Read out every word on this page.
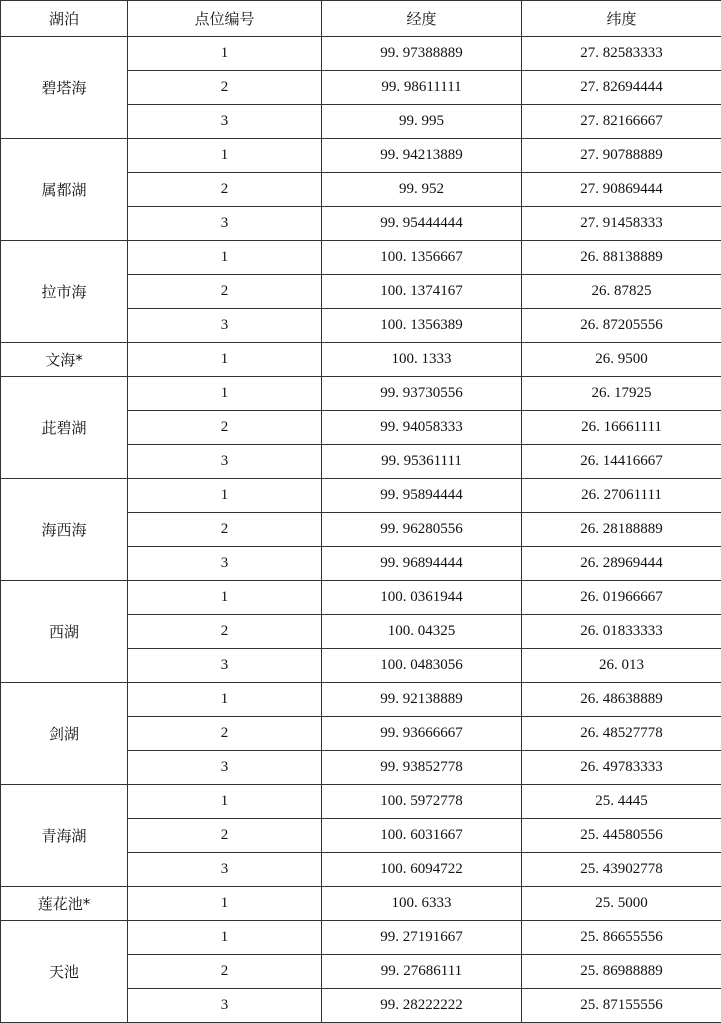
湖泊	点位编号	经度	纬度
碧塔海	1	99. 97388889	27. 82583333
	2	99. 98611111	27. 82694444
	3	99. 995	27. 82166667
属都湖	1	99. 94213889	27. 90788889
	2	99. 952	27. 90869444
	3	99. 95444444	27. 91458333
拉市海	1	100. 1356667	26. 88138889
	2	100. 1374167	26. 87825
	3	100. 1356389	26. 87205556
文海*	1	100. 1333	26. 9500
茈碧湖	1	99. 93730556	26. 17925
	2	99. 94058333	26. 16661111
	3	99. 95361111	26. 14416667
海西海	1	99. 95894444	26. 27061111
	2	99. 96280556	26. 28188889
	3	99. 96894444	26. 28969444
西湖	1	100. 0361944	26. 01966667
	2	100. 04325	26. 01833333
	3	100. 0483056	26. 013
剑湖	1	99. 92138889	26. 48638889
	2	99. 93666667	26. 48527778
	3	99. 93852778	26. 49783333
青海湖	1	100. 5972778	25. 4445
	2	100. 6031667	25. 44580556
	3	100. 6094722	25. 43902778
莲花池*	1	100. 6333	25. 5000
天池	1	99. 27191667	25. 86655556
	2	99. 27686111	25. 86988889
	3	99. 28222222	25. 87155556
